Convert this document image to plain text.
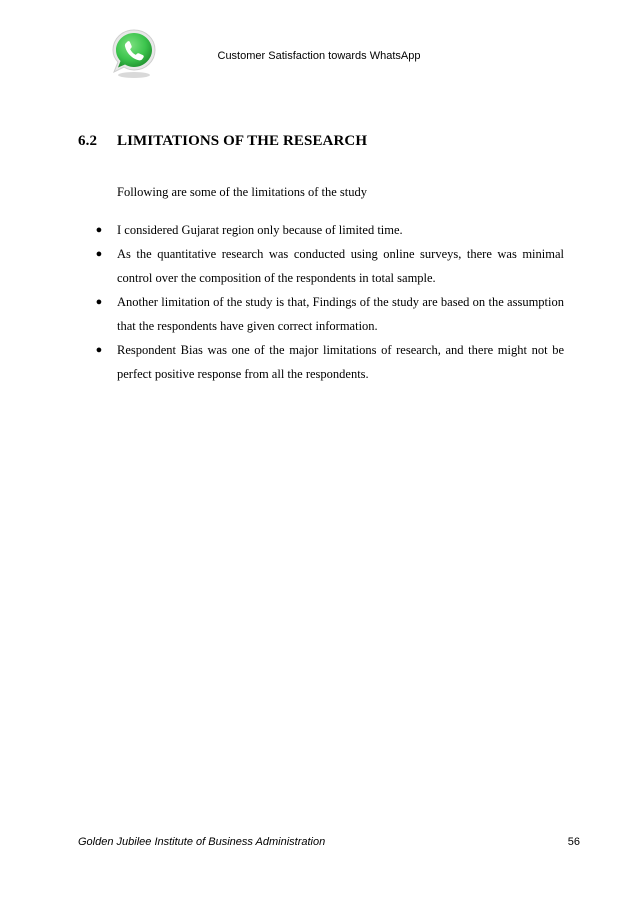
Customer Satisfaction towards WhatsApp
6.2 LIMITATIONS OF THE RESEARCH
Following are some of the limitations of the study
● I considered Gujarat region only because of limited time.
● As the quantitative research was conducted using online surveys, there was minimal control over the composition of the respondents in total sample.
● Another limitation of the study is that, Findings of the study are based on the assumption that the respondents have given correct information.
● Respondent Bias was one of the major limitations of research, and there might not be perfect positive response from all the respondents.
Golden Jubilee Institute of Business Administration	56
